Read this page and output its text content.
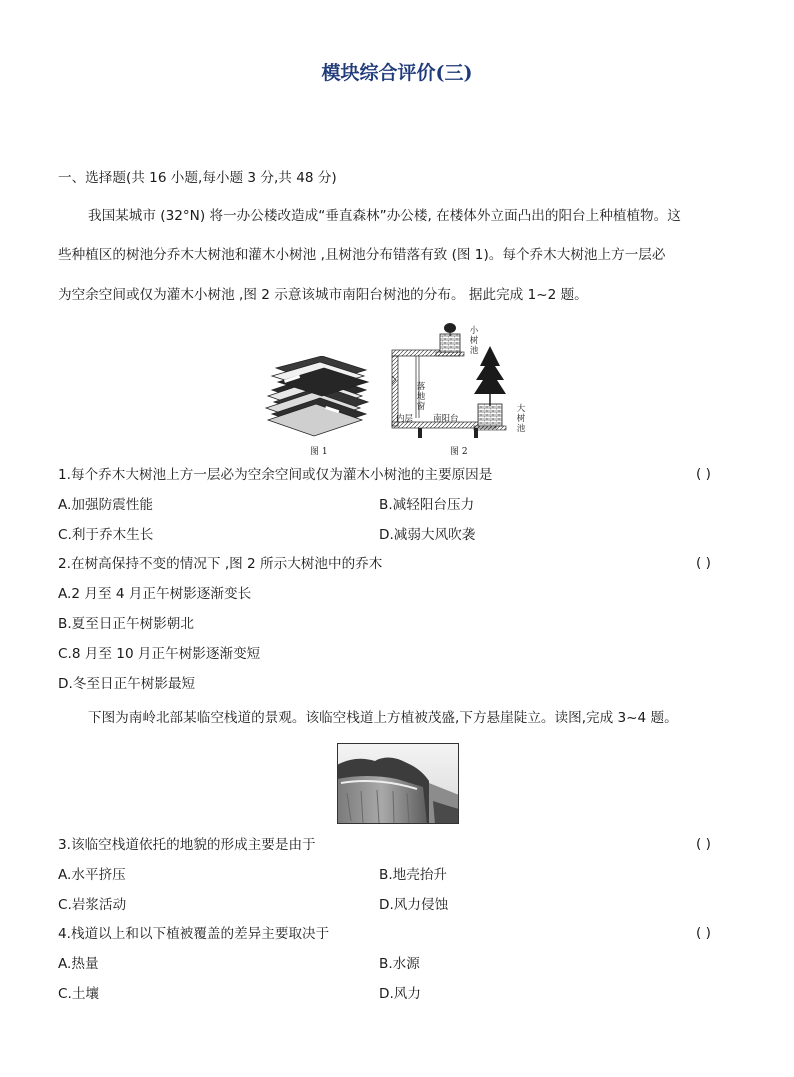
模块综合评价(三)
一、选择题(共 16 小题,每小题 3 分,共 48 分)
我国某城市 (32°N) 将一办公楼改造成“垂直森林”办公楼, 在楼体外立面凸出的阳台上种植植物。这
些种植区的树池分乔木大树池和灌木小树池 ,且树池分布错落有致 (图 1)。每个乔木大树池上方一层必
为空余空间或仅为灌木小树池 ,图 2 示意该城市南阳台树池的分布。 据此完成 1~2 题。
图 1
小树池
落地窗
内层 南阳台
大树池
图 2
1.每个乔木大树池上方一层必为空余空间或仅为灌木小树池的主要原因是	( )
A.加强防震性能	B.减轻阳台压力
C.利于乔木生长	D.减弱大风吹袭
2.在树高保持不变的情况下 ,图 2 所示大树池中的乔木	( )
A.2 月至 4 月正午树影逐渐变长
B.夏至日正午树影朝北
C.8 月至 10 月正午树影逐渐变短
D.冬至日正午树影最短
下图为南岭北部某临空栈道的景观。该临空栈道上方植被茂盛,下方悬崖陡立。读图,完成 3~4 题。
3.该临空栈道依托的地貌的形成主要是由于	( )
A.水平挤压	B.地壳抬升
C.岩浆活动	D.风力侵蚀
4.栈道以上和以下植被覆盖的差异主要取决于	( )
A.热量	B.水源
C.土壤	D.风力
